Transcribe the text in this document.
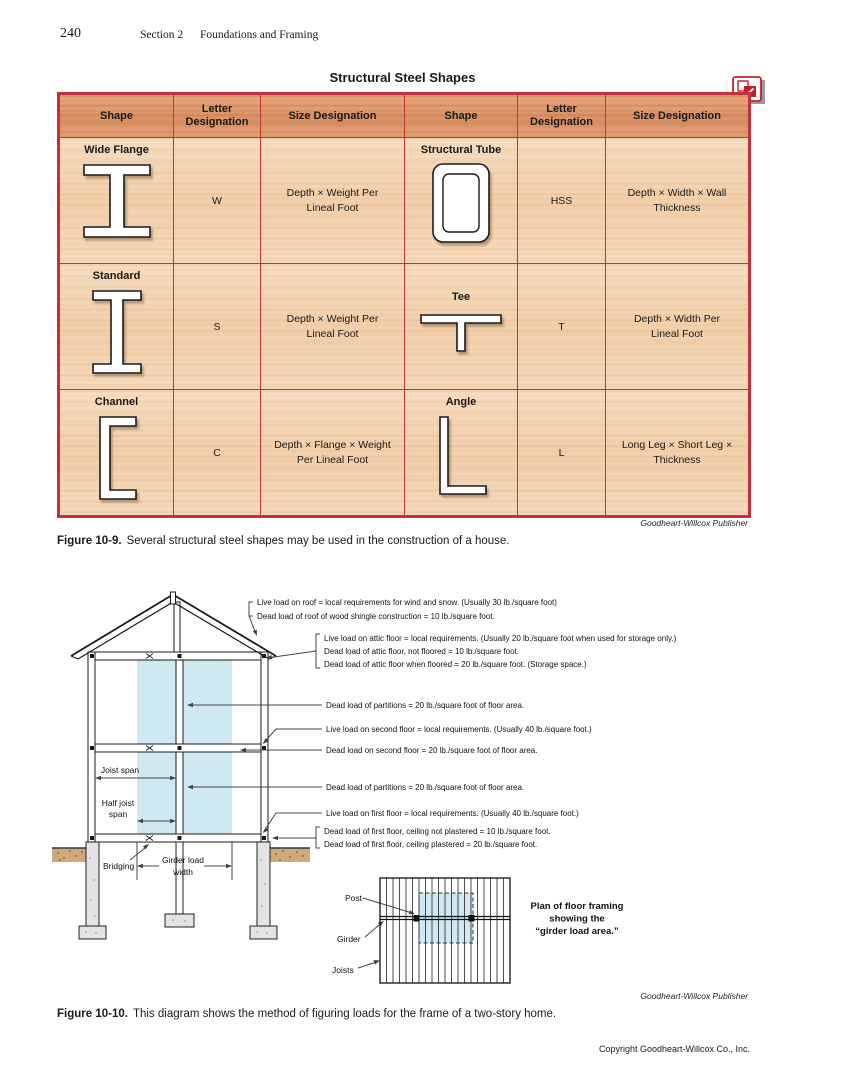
240	Section 2 Foundations and Framing
Structural Steel Shapes
Shape	Letter Designation	Size Designation	Shape	Letter Designation	Size Designation

Wide Flange	W	Depth × Weight Per Lineal Foot	Structural Tube	HSS	Depth × Width × Wall Thickness

Standard	S	Depth × Weight Per Lineal Foot	Tee	T	Depth × Width Per Lineal Foot

Channel	C	Depth × Flange × Weight Per Lineal Foot	Angle	L	Long Leg × Short Leg × Thickness
Goodheart-Willcox Publisher

Figure 10-9. Several structural steel shapes may be used in the construction of a house.

Live load on roof = local requirements for wind and snow. (Usually 30 lb./square foot)
Dead load of roof of wood shingle construction = 10 lb./square foot.
Live load on attic floor = local requirements. (Usually 20 lb./square foot when used for storage only.)
Dead load of attic floor, not floored = 10 lb./square foot.
Dead load of attic floor when floored = 20 lb./square foot. (Storage space.)
Dead load of partitions = 20 lb./square foot of floor area.
Live load on second floor = local requirements. (Usually 40 lb./square foot.)
Dead load on second floor = 20 lb./square foot of floor area.
Dead load of partitions = 20 lb./square foot of floor area.
Live load on first floor = local requirements. (Usually 40 lb./square foot.)
Dead load of first floor, ceiling not plastered = 10 lb./square foot.
Dead load of first floor, ceiling plastered = 20 lb./square foot.
Joist span
Half joist
span
Bridging
Girder load
width
Post
Girder
Joists
Plan of floor framing
showing the
“girder load area.”
Goodheart-Willcox Publisher

Figure 10-10. This diagram shows the method of figuring loads for the frame of a two-story home.

Copyright Goodheart-Willcox Co., Inc.
